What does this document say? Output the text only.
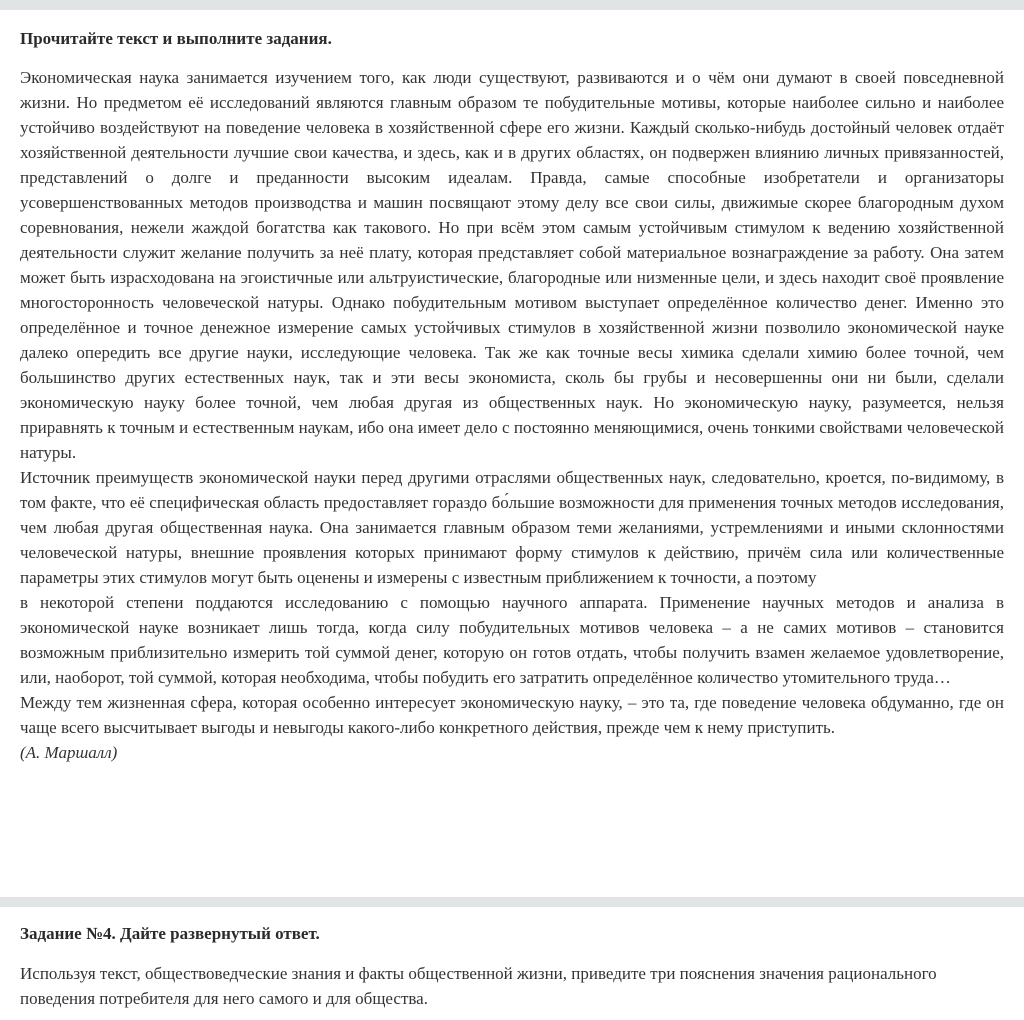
Прочитайте текст и выполните задания.

Экономическая наука занимается изучением того, как люди существуют, развиваются и о чём они думают в своей повседневной жизни. Но предметом её исследований являются главным образом те побудительные мотивы, которые наиболее сильно и наиболее устойчиво воздействуют на поведение человека в хозяйственной сфере его жизни. Каждый сколько-нибудь достойный человек отдаёт хозяйственной деятельности лучшие свои качества, и здесь, как и в других областях, он подвержен влиянию личных привязанностей, представлений о долге и преданности высоким идеалам. Правда, самые способные изобретатели и организаторы усовершенствованных методов производства и машин посвящают этому делу все свои силы, движимые скорее благородным духом соревнования, нежели жаждой богатства как такового. Но при всём этом самым устойчивым стимулом к ведению хозяйственной деятельности служит желание получить за неё плату, которая представляет собой материальное вознаграждение за работу. Она затем может быть израсходована на эгоистичные или альтруистические, благородные или низменные цели, и здесь находит своё проявление многосторонность человеческой натуры. Однако побудительным мотивом выступает определённое количество денег. Именно это определённое и точное денежное измерение самых устойчивых стимулов в хозяйственной жизни позволило экономической науке далеко опередить все другие науки, исследующие человека. Так же как точные весы химика сделали химию более точной, чем большинство других естественных наук, так и эти весы экономиста, сколь бы грубы и несовершенны они ни были, сделали экономическую науку более точной, чем любая другая из общественных наук. Но экономическую науку, разумеется, нельзя приравнять к точным и естественным наукам, ибо она имеет дело с постоянно меняющимися, очень тонкими свойствами человеческой натуры.

Источник преимуществ экономической науки перед другими отраслями общественных наук, следовательно, кроется, по-видимому, в том факте, что её специфическая область предоставляет гораздо бо́льшие возможности для применения точных методов исследования, чем любая другая общественная наука. Она занимается главным образом теми желаниями, устремлениями и иными склонностями человеческой натуры, внешние проявления которых принимают форму стимулов к действию, причём сила или количественные параметры этих стимулов могут быть оценены и измерены с известным приближением к точности, а поэтому

в некоторой степени поддаются исследованию с помощью научного аппарата. Применение научных методов и анализа в экономической науке возникает лишь тогда, когда силу побудительных мотивов человека – а не самих мотивов – становится возможным приблизительно измерить той суммой денег, которую он готов отдать, чтобы получить взамен желаемое удовлетворение, или, наоборот, той суммой, которая необходима, чтобы побудить его затратить определённое количество утомительного труда…

Между тем жизненная сфера, которая особенно интересует экономическую науку, – это та, где поведение человека обдуманно, где он чаще всего высчитывает выгоды и невыгоды какого-либо конкретного действия, прежде чем к нему приступить.

(А. Маршалл)

Задание №4. Дайте развернутый ответ.

Используя текст, обществоведческие знания и факты общественной жизни, приведите три пояснения значения рационального поведения потребителя для него самого и для общества.
